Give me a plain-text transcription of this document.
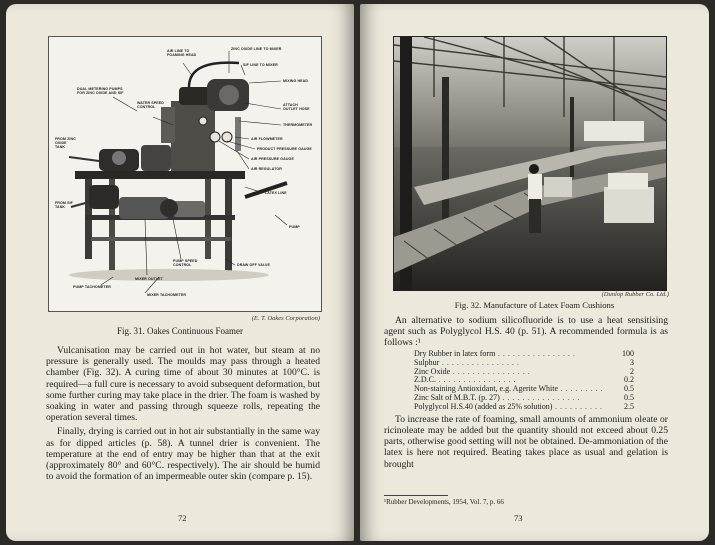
AIR LINE TO FOAMING HEAD
ZINC OXIDE LINE TO MIXER
SIF LINE TO MIXER
DUAL METERING PUMPS FOR ZINC OXIDE AND SIF
WATER SPEED CONTROL
MIXING HEAD
ATTACH OUTLET HOSE
THERMOMETER
AIR FLOWMETER
PRODUCT PRESSURE GAUGE
AIR PRESSURE GAUGE
AIR REGULATOR
FROM ZINC OXIDE TANK
FROM SIF TANK
LATEX LINE
PUMP
DRAW OFF VALVE
PUMP SPEED CONTROL
PUMP TACHOMETER
MIXER OUTLET
MIXER TACHOMETER
(E. T. Oakes Corporation)
Fig. 31. Oakes Continuous Foamer

Vulcanisation may be carried out in hot water, but steam at no pressure is generally used. The moulds may pass through a heated chamber (Fig. 32). A curing time of about 30 minutes at 100°C. is required—a full cure is necessary to avoid subsequent deformation, but some further curing may take place in the drier. The foam is washed by soaking in water and passing through squeeze rolls, repeating the operation several times.

Finally, drying is carried out in hot air substantially in the same way as for dipped articles (p. 58). A tunnel drier is convenient. The temperature at the end of entry may be higher than that at the exit (approximately 80° and 60°C. respectively). The air should be humid to avoid the formation of an impermeable outer skin (compare p. 15).

72
(Dunlop Rubber Co. Ltd.)
Fig. 32. Manufacture of Latex Foam Cushions

An alternative to sodium silicofluoride is to use a heat sensitising agent such as Polyglycol H.S. 40 (p. 51). A recommended formula is as follows :¹

Dry Rubber in latex form . .	100
Sulphur . .	3
Zinc Oxide . .	2
Z.D.C. . .	0.2
Non-staining Antioxidant, e.g. Agerite White . .	0.5
Zinc Salt of M.B.T. (p. 27) . .	0.5
Polyglycol H.S.40 (added as 25% solution) . .	2.5

To increase the rate of foaming, small amounts of ammonium oleate or ricinoleate may be added but the quantity should not exceed about 0.25 parts, otherwise good setting will not be obtained. De-ammoniation of the latex is here not required. Beating takes place as usual and gelation is brought

¹Rubber Developments, 1954, Vol. 7, p. 66
73
